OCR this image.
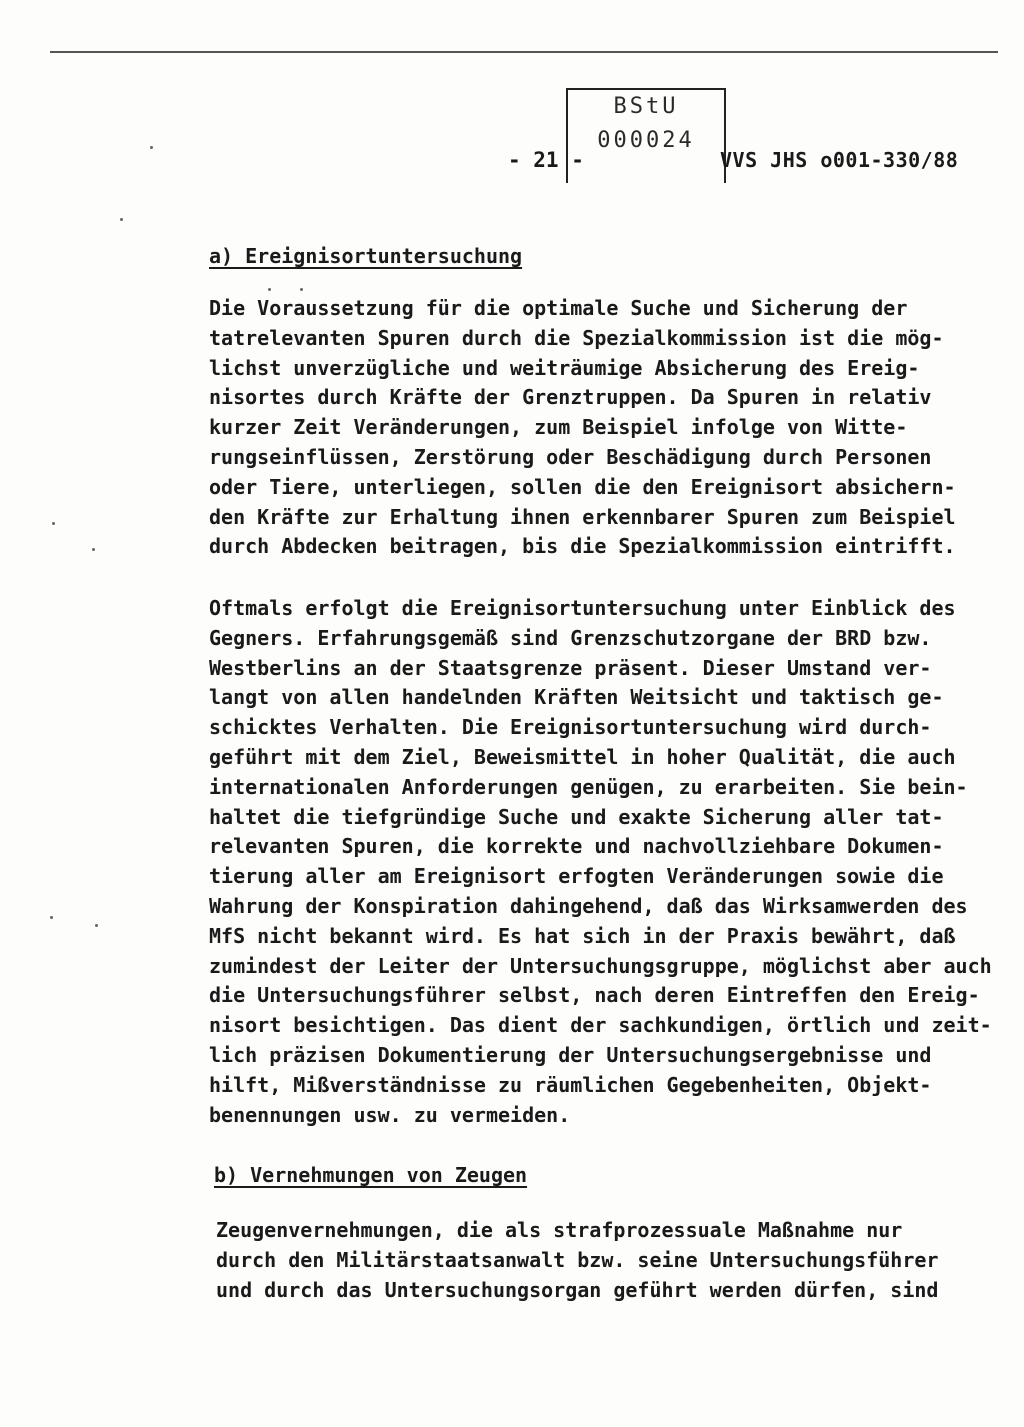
BStU
000024
- 21 -	VVS JHS o001-330/88
a) Ereignisortuntersuchung
Die Voraussetzung für die optimale Suche und Sicherung der
tatrelevanten Spuren durch die Spezialkommission ist die mög-
lichst unverzügliche und weiträumige Absicherung des Ereig-
nisortes durch Kräfte der Grenztruppen. Da Spuren in relativ
kurzer Zeit Veränderungen, zum Beispiel infolge von Witte-
rungseinflüssen, Zerstörung oder Beschädigung durch Personen
oder Tiere, unterliegen, sollen die den Ereignisort absichern-
den Kräfte zur Erhaltung ihnen erkennbarer Spuren zum Beispiel
durch Abdecken beitragen, bis die Spezialkommission eintrifft.
Oftmals erfolgt die Ereignisortuntersuchung unter Einblick des
Gegners. Erfahrungsgemäß sind Grenzschutzorgane der BRD bzw.
Westberlins an der Staatsgrenze präsent. Dieser Umstand ver-
langt von allen handelnden Kräften Weitsicht und taktisch ge-
schicktes Verhalten. Die Ereignisortuntersuchung wird durch-
geführt mit dem Ziel, Beweismittel in hoher Qualität, die auch
internationalen Anforderungen genügen, zu erarbeiten. Sie bein-
haltet die tiefgründige Suche und exakte Sicherung aller tat-
relevanten Spuren, die korrekte und nachvollziehbare Dokumen-
tierung aller am Ereignisort erfogten Veränderungen sowie die
Wahrung der Konspiration dahingehend, daß das Wirksamwerden des
MfS nicht bekannt wird. Es hat sich in der Praxis bewährt, daß
zumindest der Leiter der Untersuchungsgruppe, möglichst aber auch
die Untersuchungsführer selbst, nach deren Eintreffen den Ereig-
nisort besichtigen. Das dient der sachkundigen, örtlich und zeit-
lich präzisen Dokumentierung der Untersuchungsergebnisse und
hilft, Mißverständnisse zu räumlichen Gegebenheiten, Objekt-
benennungen usw. zu vermeiden.
b) Vernehmungen von Zeugen
Zeugenvernehmungen, die als strafprozessuale Maßnahme nur
durch den Militärstaatsanwalt bzw. seine Untersuchungsführer
und durch das Untersuchungsorgan geführt werden dürfen, sind
